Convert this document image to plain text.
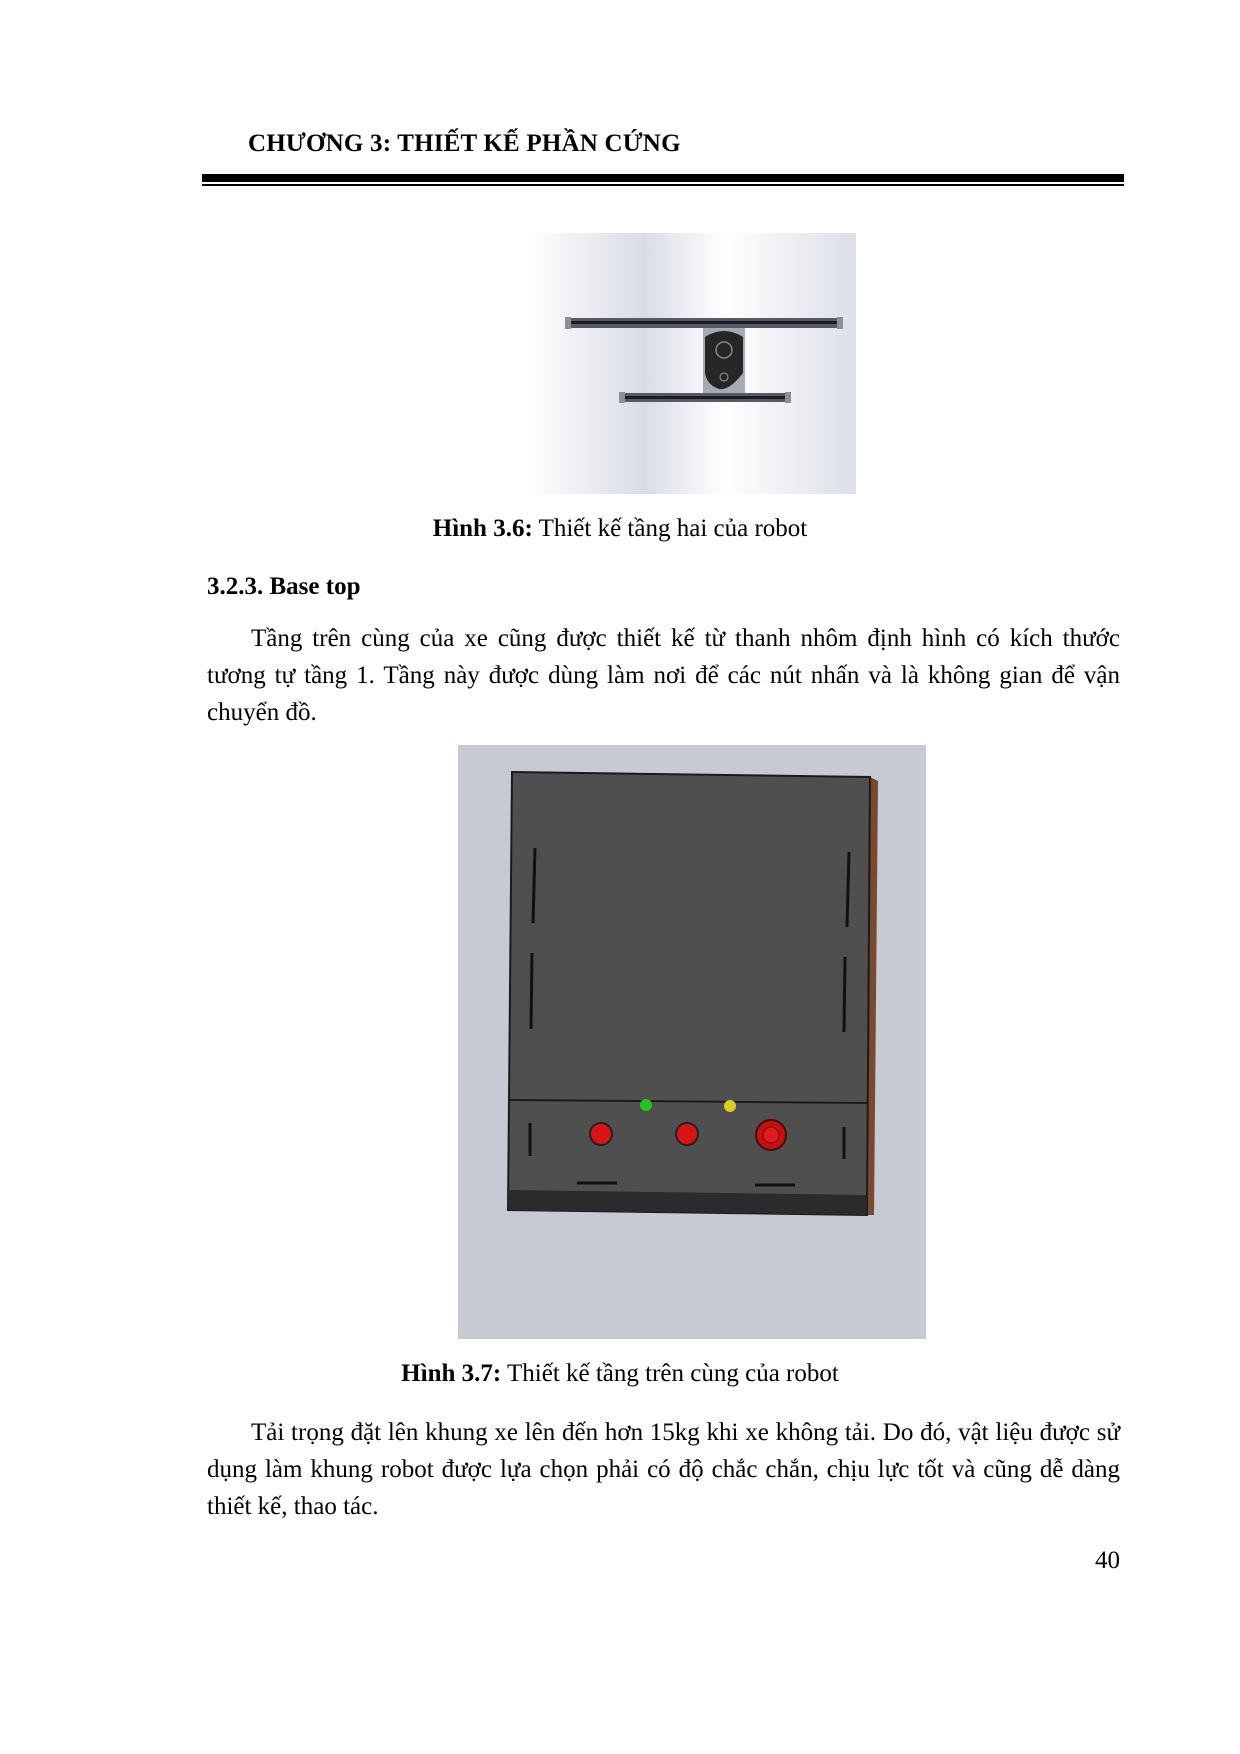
CHƯƠNG 3: THIẾT KẾ PHẦN CỨNG
Hình 3.6: Thiết kế tầng hai của robot
3.2.3. Base top
Tầng trên cùng của xe cũng được thiết kế từ thanh nhôm định hình có kích thước tương tự tầng 1. Tầng này được dùng làm nơi để các nút nhấn và là không gian để vận chuyển đồ.
Hình 3.7: Thiết kế tầng trên cùng của robot
Tải trọng đặt lên khung xe lên đến hơn 15kg khi xe không tải. Do đó, vật liệu được sử dụng làm khung robot được lựa chọn phải có độ chắc chắn, chịu lực tốt và cũng dễ dàng thiết kế, thao tác.
40
